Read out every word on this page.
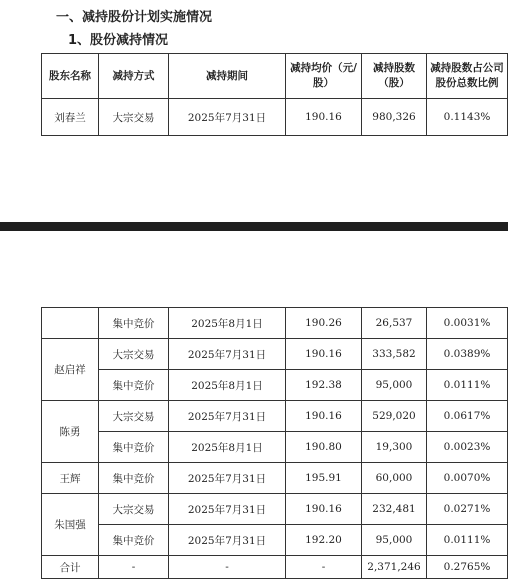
一、减持股份计划实施情况
1、股份减持情况
股东名称	减持方式	减持期间	减持均价（元/股）	减持股数（股）	减持股数占公司股份总数比例
刘春兰	大宗交易	2025年7月31日	190.16	980,326	0.1143%
	集中竞价	2025年8月1日	190.26	26,537	0.0031%
赵启祥	大宗交易	2025年7月31日	190.16	333,582	0.0389%
	集中竞价	2025年8月1日	192.38	95,000	0.0111%
陈勇	大宗交易	2025年7月31日	190.16	529,020	0.0617%
	集中竞价	2025年8月1日	190.80	19,300	0.0023%
王辉	集中竞价	2025年7月31日	195.91	60,000	0.0070%
朱国强	大宗交易	2025年7月31日	190.16	232,481	0.0271%
	集中竞价	2025年7月31日	192.20	95,000	0.0111%
合计	-	-	-	2,371,246	0.2765%
